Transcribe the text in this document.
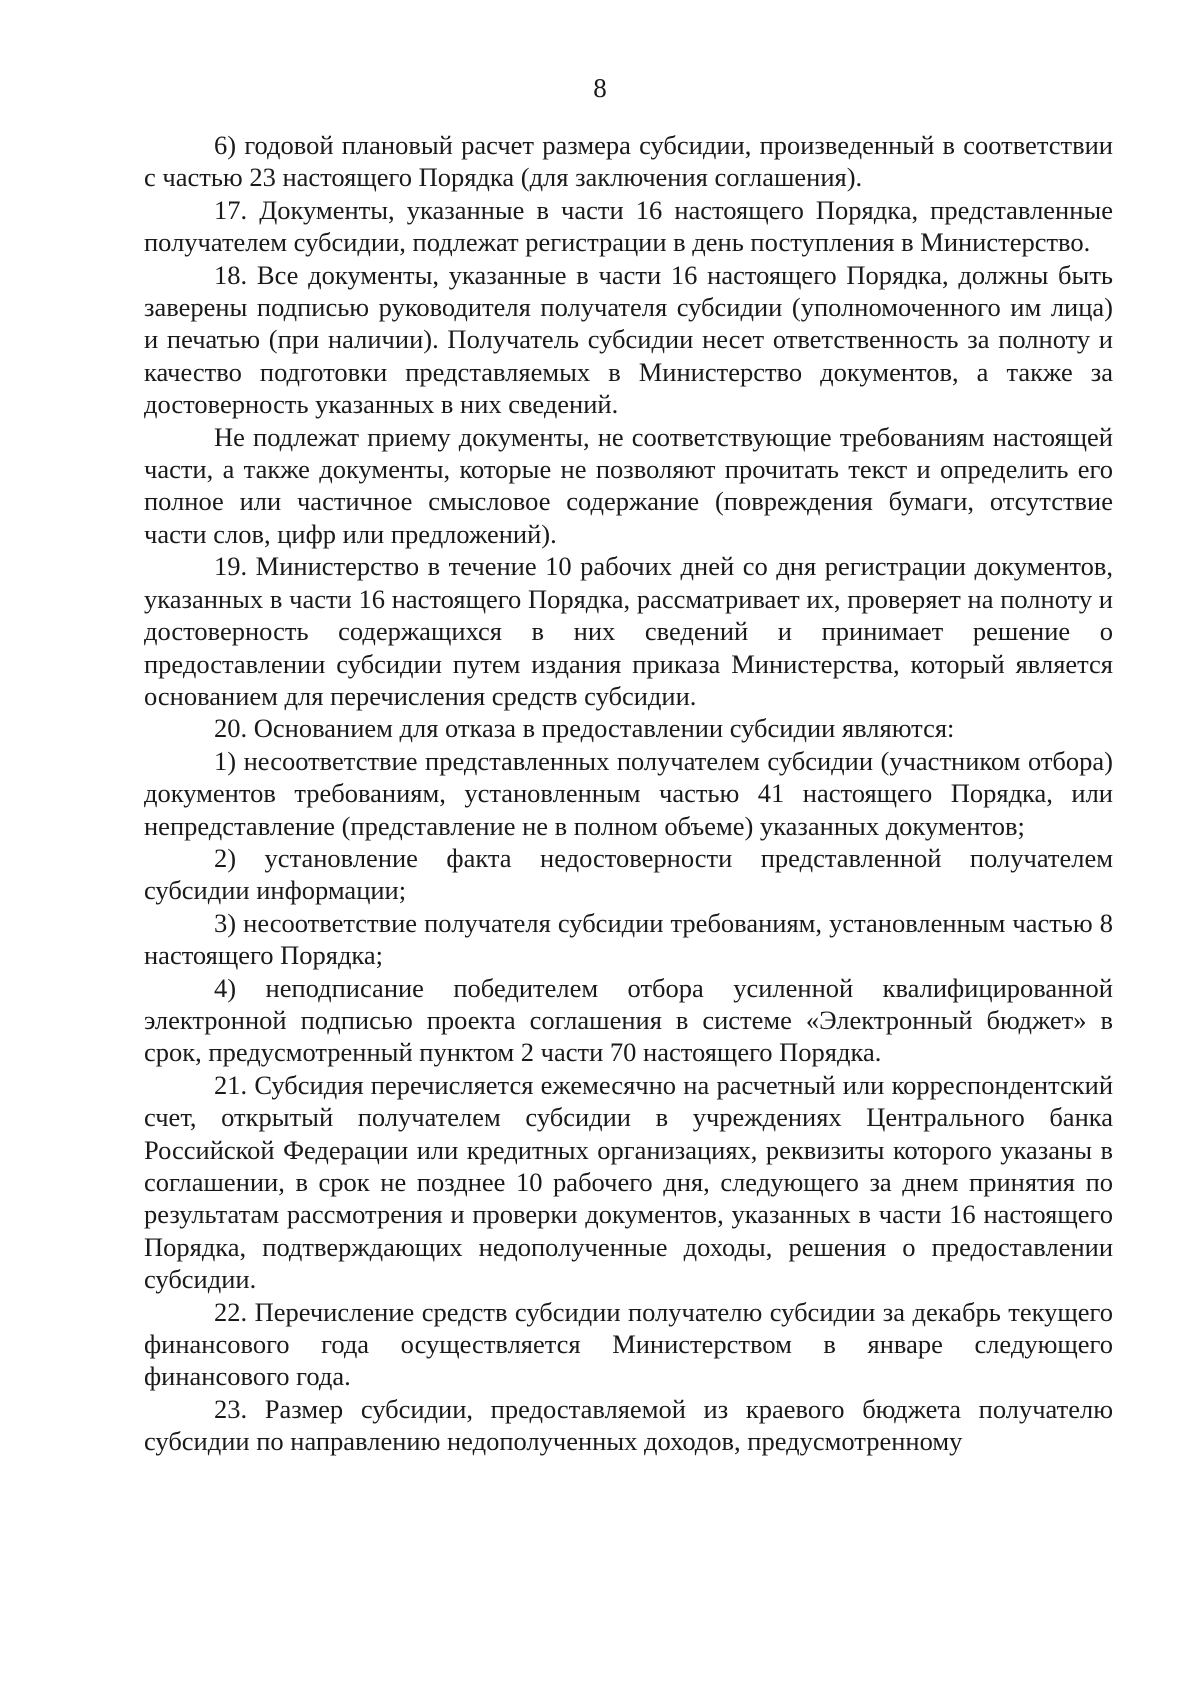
8

6) годовой плановый расчет размера субсидии, произведенный в соответствии с частью 23 настоящего Порядка (для заключения соглашения).

17. Документы, указанные в части 16 настоящего Порядка, представленные получателем субсидии, подлежат регистрации в день поступления в Министерство.

18. Все документы, указанные в части 16 настоящего Порядка, должны быть заверены подписью руководителя получателя субсидии (уполномоченного им лица) и печатью (при наличии). Получатель субсидии несет ответственность за полноту и качество подготовки представляемых в Министерство документов, а также за достоверность указанных в них сведений.

Не подлежат приему документы, не соответствующие требованиям настоящей части, а также документы, которые не позволяют прочитать текст и определить его полное или частичное смысловое содержание (повреждения бумаги, отсутствие части слов, цифр или предложений).

19. Министерство в течение 10 рабочих дней со дня регистрации документов, указанных в части 16 настоящего Порядка, рассматривает их, проверяет на полноту и достоверность содержащихся в них сведений и принимает решение о предоставлении субсидии путем издания приказа Министерства, который является основанием для перечисления средств субсидии.

20. Основанием для отказа в предоставлении субсидии являются:

1) несоответствие представленных получателем субсидии (участником отбора) документов требованиям, установленным частью 41 настоящего Порядка, или непредставление (представление не в полном объеме) указанных документов;

2) установление факта недостоверности представленной получателем субсидии информации;

3) несоответствие получателя субсидии требованиям, установленным частью 8 настоящего Порядка;

4) неподписание победителем отбора усиленной квалифицированной электронной подписью проекта соглашения в системе «Электронный бюджет» в срок, предусмотренный пунктом 2 части 70 настоящего Порядка.

21. Субсидия перечисляется ежемесячно на расчетный или корреспондентский счет, открытый получателем субсидии в учреждениях Центрального банка Российской Федерации или кредитных организациях, реквизиты которого указаны в соглашении, в срок не позднее 10 рабочего дня, следующего за днем принятия по результатам рассмотрения и проверки документов, указанных в части 16 настоящего Порядка, подтверждающих недополученные доходы, решения о предоставлении субсидии.

22. Перечисление средств субсидии получателю субсидии за декабрь текущего финансового года осуществляется Министерством в январе следующего финансового года.

23. Размер субсидии, предоставляемой из краевого бюджета получателю субсидии по направлению недополученных доходов, предусмотренному
